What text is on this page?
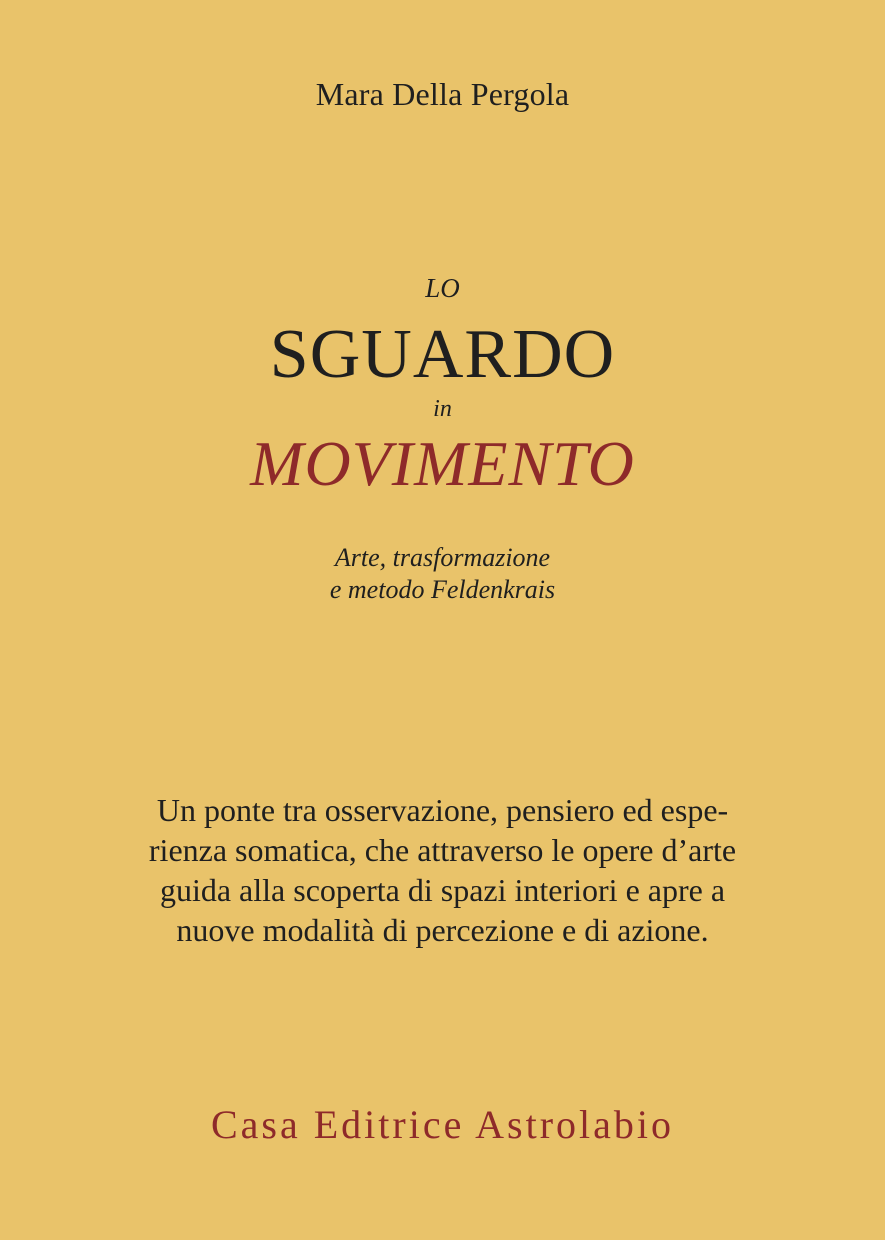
Mara Della Pergola
LO
SGUARDO
in
MOVIMENTO
Arte, trasformazione
e metodo Feldenkrais
Un ponte tra osservazione, pensiero ed espe-
rienza somatica, che attraverso le opere d’arte
guida alla scoperta di spazi interiori e apre a
nuove modalità di percezione e di azione.
Casa Editrice Astrolabio
